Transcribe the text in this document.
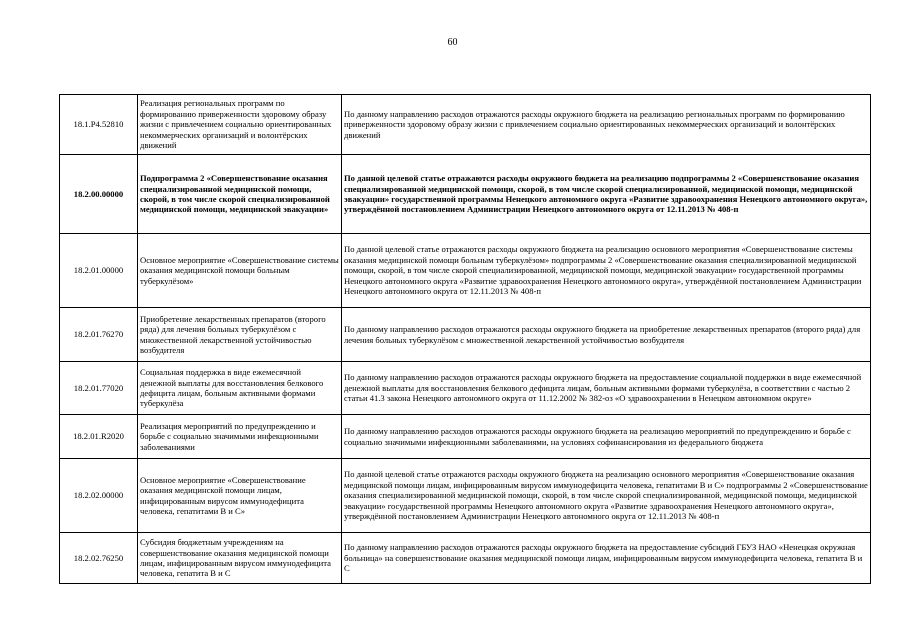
60
18.1.P4.52810	Реализация региональных программ по формированию приверженности здоровому образу жизни с привлечением социально ориентированных некоммерческих организаций и волонтёрских движений	По данному направлению расходов отражаются расходы окружного бюджета на реализацию региональных программ по формированию приверженности здоровому образу жизни с привлечением социально ориентированных некоммерческих организаций и волонтёрских движений
18.2.00.00000	Подпрограмма 2 «Совершенствование оказания специализированной медицинской помощи, скорой, в том числе скорой специализированной медицинской помощи, медицинской эвакуации»	По данной целевой статье отражаются расходы окружного бюджета на реализацию подпрограммы 2 «Совершенствование оказания специализированной медицинской помощи, скорой, в том числе скорой специализированной, медицинской помощи, медицинской эвакуации» государственной программы Ненецкого автономного округа «Развитие здравоохранения Ненецкого автономного округа», утверждённой постановлением Администрации Ненецкого автономного округа от 12.11.2013 № 408-п
18.2.01.00000	Основное мероприятие «Совершенствование системы оказания медицинской помощи больным туберкулёзом»	По данной целевой статье отражаются расходы окружного бюджета на реализацию основного мероприятия «Совершенствование системы оказания медицинской помощи больным туберкулёзом» подпрограммы 2 «Совершенствование оказания специализированной медицинской помощи, скорой, в том числе скорой специализированной, медицинской помощи, медицинской эвакуации» государственной программы Ненецкого автономного округа «Развитие здравоохранения Ненецкого автономного округа», утверждённой постановлением Администрации Ненецкого автономного округа от 12.11.2013 № 408-п
18.2.01.76270	Приобретение лекарственных препаратов (второго ряда) для лечения больных туберкулёзом с множественной лекарственной устойчивостью возбудителя	По данному направлению расходов отражаются расходы окружного бюджета на приобретение лекарственных препаратов (второго ряда) для лечения больных туберкулёзом с множественной лекарственной устойчивостью возбудителя
18.2.01.77020	Социальная поддержка в виде ежемесячной денежной выплаты для восстановления белкового дефицита лицам, больным активными формами туберкулёза	По данному направлению расходов отражаются расходы окружного бюджета на предоставление социальной поддержки в виде ежемесячной денежной выплаты для восстановления белкового дефицита лицам, больным активными формами туберкулёза, в соответствии с частью 2 статьи 41.3 закона Ненецкого автономного округа от 11.12.2002 № 382-оз «О здравоохранении в Ненецком автономном округе»
18.2.01.R2020	Реализация мероприятий по предупреждению и борьбе с социально значимыми инфекционными заболеваниями	По данному направлению расходов отражаются расходы окружного бюджета на реализацию мероприятий по предупреждению и борьбе с социально значимыми инфекционными заболеваниями, на условиях софинансирования из федерального бюджета
18.2.02.00000	Основное мероприятие «Совершенствование оказания медицинской помощи лицам, инфицированным вирусом иммунодефицита человека, гепатитами В и С»	По данной целевой статье отражаются расходы окружного бюджета на реализацию основного мероприятия «Совершенствование оказания медицинской помощи лицам, инфицированным вирусом иммунодефицита человека, гепатитами В и С» подпрограммы 2 «Совершенствование оказания специализированной медицинской помощи, скорой, в том числе скорой специализированной, медицинской помощи, медицинской эвакуации» государственной программы Ненецкого автономного округа «Развитие здравоохранения Ненецкого автономного округа», утверждённой постановлением Администрации Ненецкого автономного округа от 12.11.2013 № 408-п
18.2.02.76250	Субсидия бюджетным учреждениям на совершенствование оказания медицинской помощи лицам, инфицированным вирусом иммунодефицита человека, гепатита В и С	По данному направлению расходов отражаются расходы окружного бюджета на предоставление субсидий ГБУЗ НАО «Ненецкая окружная больница» на совершенствование оказания медицинской помощи лицам, инфицированным вирусом иммунодефицита человека, гепатита В и С
